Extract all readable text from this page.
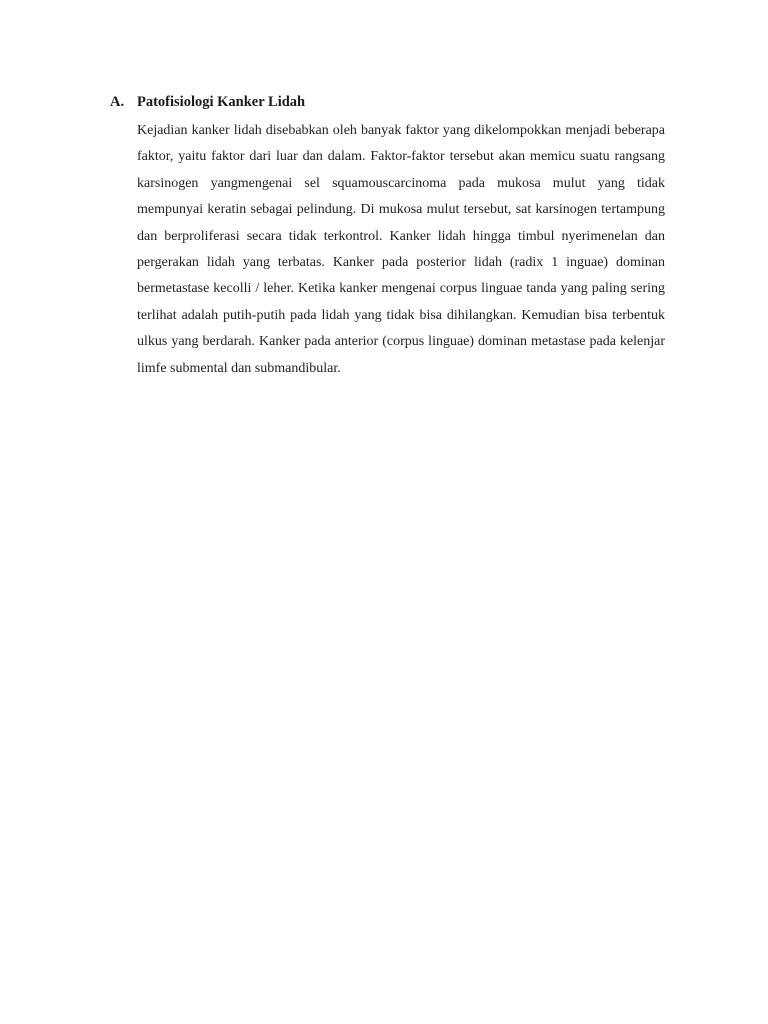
A. Patofisiologi Kanker Lidah

Kejadian kanker lidah disebabkan oleh banyak faktor yang dikelompokkan menjadi beberapa faktor, yaitu faktor dari luar dan dalam. Faktor-faktor tersebut akan memicu suatu rangsang karsinogen yangmengenai sel squamouscarcinoma pada mukosa mulut yang tidak mempunyai keratin sebagai pelindung. Di mukosa mulut tersebut, sat karsinogen tertampung dan berproliferasi secara tidak terkontrol. Kanker lidah hingga timbul nyerimenelan dan pergerakan lidah yang terbatas. Kanker pada posterior lidah (radix 1 inguae) dominan bermetastase kecolli / leher. Ketika kanker mengenai corpus linguae tanda yang paling sering terlihat adalah putih-putih pada lidah yang tidak bisa dihilangkan. Kemudian bisa terbentuk ulkus yang berdarah. Kanker pada anterior (corpus linguae) dominan metastase pada kelenjar limfe submental dan submandibular.
